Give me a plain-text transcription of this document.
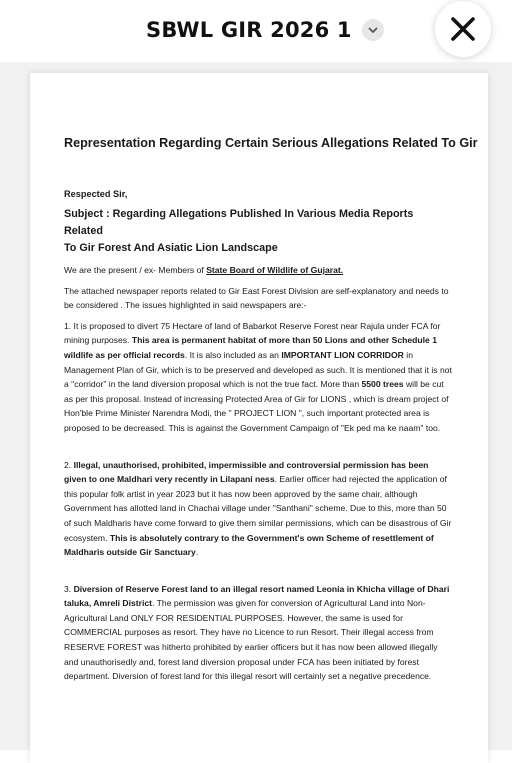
SBWL GIR 2026 1

Representation Regarding Certain Serious Allegations Related To Gir

Respected Sir,

Subject : Regarding Allegations Published In Various Media Reports Related
To Gir Forest And Asiatic Lion Landscape

We are the present / ex- Members of State Board of Wildlife of Gujarat.

The attached newspaper reports related to Gir East Forest Division are self-explanatory and needs to be considered . The issues highlighted in said newspapers are:-

1. It is proposed to divert 75 Hectare of land of Babarkot Reserve Forest near Rajula under FCA for mining purposes. This area is permanent habitat of more than 50 Lions and other Schedule 1 wildlife as per official records. It is also included as an IMPORTANT LION CORRIDOR in Management Plan of Gir, which is to be preserved and developed as such. It is mentioned that it is not a "corridor" in the land diversion proposal which is not the true fact. More than 5500 trees will be cut as per this proposal. Instead of increasing Protected Area of Gir for LIONS , which is dream project of Hon'ble Prime Minister Narendra Modi, the " PROJECT LION ", such important protected area is proposed to be decreased. This is against the Government Campaign of "Ek ped ma ke naam" too.

2. Illegal, unauthorised, prohibited, impermissible and controversial permission has been given to one Maldhari very recently in Lilapani ness. Earlier officer had rejected the application of this popular folk artist in year 2023 but it has now been approved by the same chair, although Government has allotted land in Chachai village under "Santhani" scheme. Due to this, more than 50 of such Maldharis have come forward to give them similar permissions, which can be disastrous of Gir ecosystem. This is absolutely contrary to the Government's own Scheme of resettlement of Maldharis outside Gir Sanctuary.

3. Diversion of Reserve Forest land to an illegal resort named Leonia in Khicha village of Dhari taluka, Amreli District. The permission was given for conversion of Agricultural Land into Non- Agricultural Land ONLY FOR RESIDENTIAL PURPOSES. However, the same is used for COMMERCIAL purposes as resort. They have no Licence to run Resort. Their illegal access from RESERVE FOREST was hitherto prohibited by earlier officers but it has now been allowed illegally and unauthorisedly and, forest land diversion proposal under FCA has been initiated by forest department. Diversion of forest land for this illegal resort will certainly set a negative precedence.
